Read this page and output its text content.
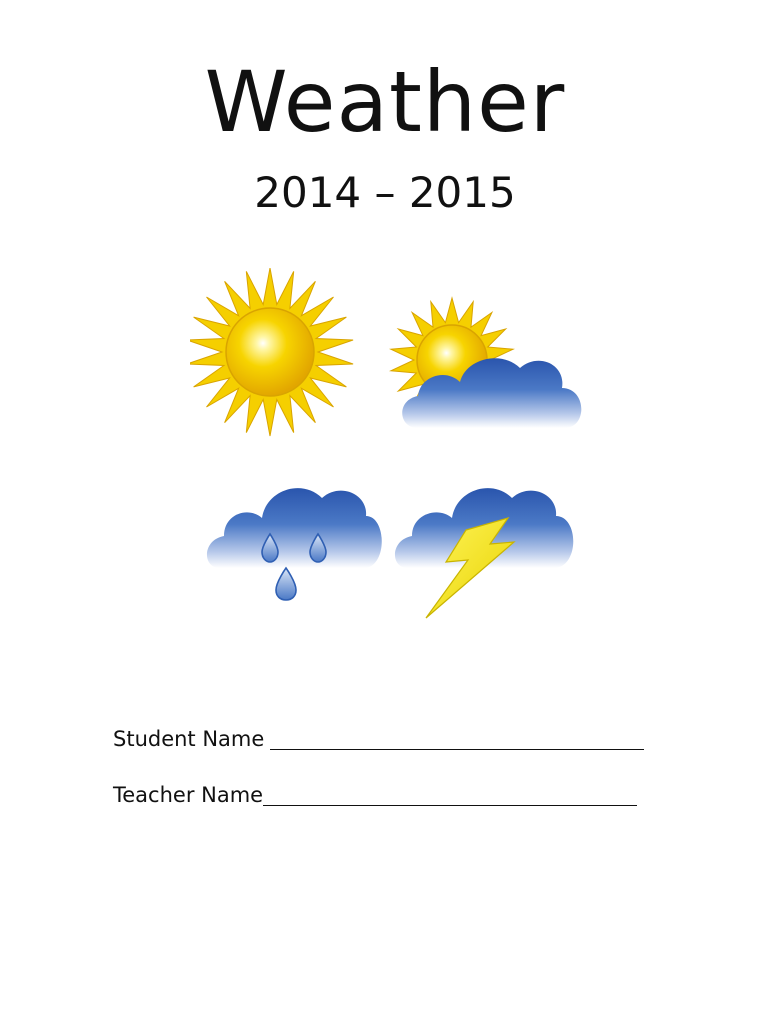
Weather
2014 – 2015
Student Name
Teacher Name
